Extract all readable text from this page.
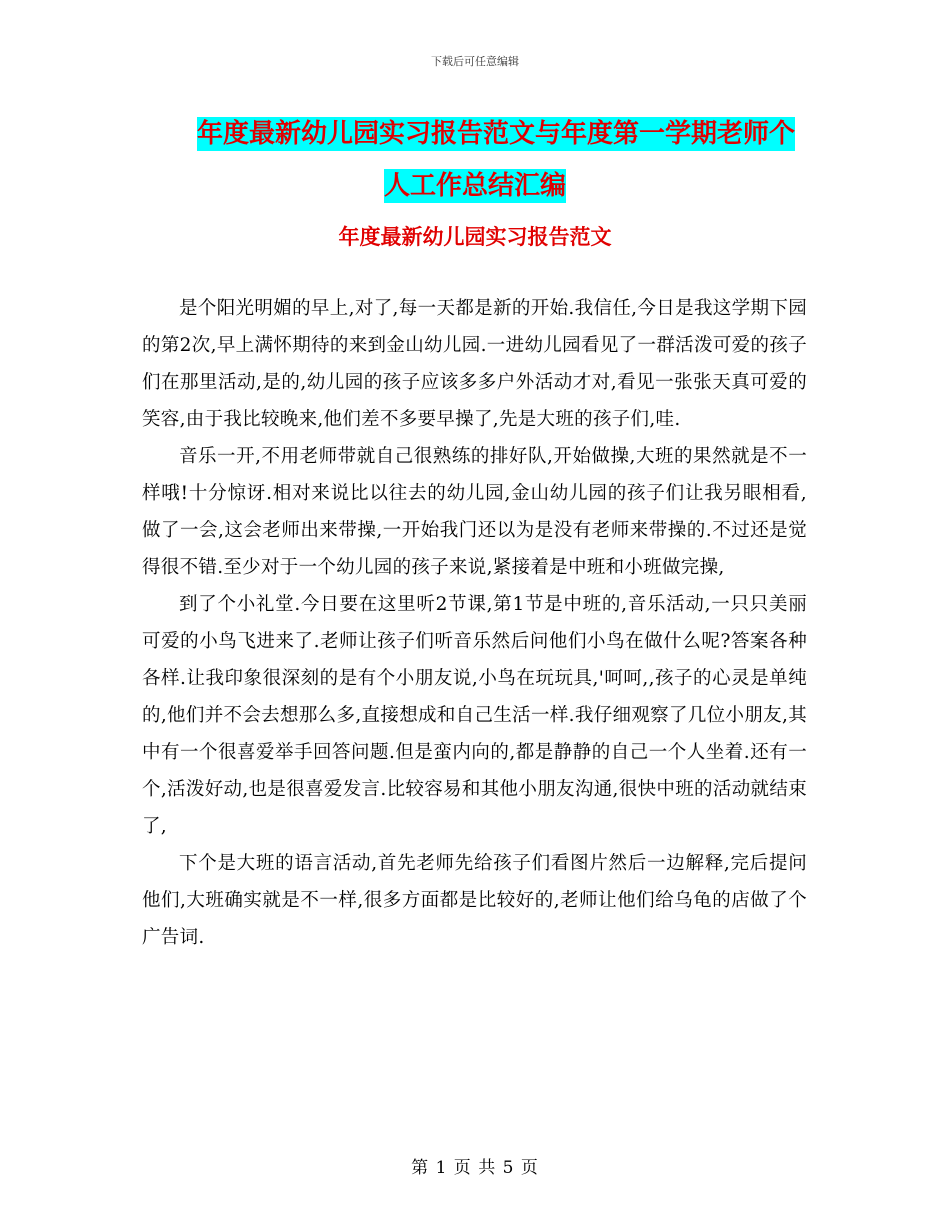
下载后可任意编辑
年度最新幼儿园实习报告范文与年度第一学期老师个
人工作总结汇编
年度最新幼儿园实习报告范文

是个阳光明媚的早上,对了,每一天都是新的开始.我信任,今日是我这学期下园的第2次,早上满怀期待的来到金山幼儿园.一进幼儿园看见了一群活泼可爱的孩子们在那里活动,是的,幼儿园的孩子应该多多户外活动才对,看见一张张天真可爱的笑容,由于我比较晚来,他们差不多要早操了,先是大班的孩子们,哇.

音乐一开,不用老师带就自己很熟练的排好队,开始做操,大班的果然就是不一样哦!十分惊讶.相对来说比以往去的幼儿园,金山幼儿园的孩子们让我另眼相看,做了一会,这会老师出来带操,一开始我门还以为是没有老师来带操的.不过还是觉得很不错.至少对于一个幼儿园的孩子来说,紧接着是中班和小班做完操,

到了个小礼堂.今日要在这里听2节课,第1节是中班的,音乐活动,一只只美丽可爱的小鸟飞进来了.老师让孩子们听音乐然后问他们小鸟在做什么呢?答案各种各样.让我印象很深刻的是有个小朋友说,小鸟在玩玩具,'呵呵,,孩子的心灵是单纯的,他们并不会去想那么多,直接想成和自己生活一样.我仔细观察了几位小朋友,其中有一个很喜爱举手回答问题.但是蛮内向的,都是静静的自己一个人坐着.还有一个,活泼好动,也是很喜爱发言.比较容易和其他小朋友沟通,很快中班的活动就结束了,

下个是大班的语言活动,首先老师先给孩子们看图片然后一边解释,完后提问他们,大班确实就是不一样,很多方面都是比较好的,老师让他们给乌龟的店做了个广告词.

第 1 页 共 5 页
